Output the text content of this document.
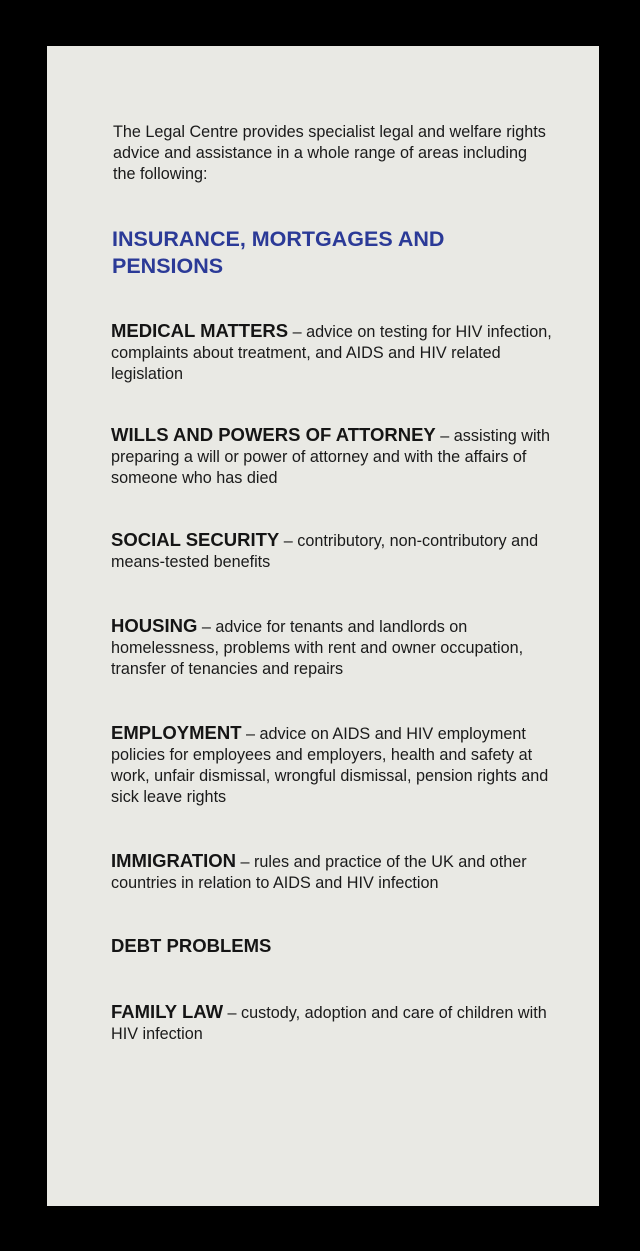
The Legal Centre provides specialist legal and welfare rights advice and assistance in a whole range of areas including the following:

INSURANCE, MORTGAGES AND PENSIONS

MEDICAL MATTERS – advice on testing for HIV infection, complaints about treatment, and AIDS and HIV related legislation

WILLS AND POWERS OF ATTORNEY – assisting with preparing a will or power of attorney and with the affairs of someone who has died

SOCIAL SECURITY – contributory, non-contributory and means-tested benefits

HOUSING – advice for tenants and landlords on homelessness, problems with rent and owner occupation, transfer of tenancies and repairs

EMPLOYMENT – advice on AIDS and HIV employment policies for employees and employers, health and safety at work, unfair dismissal, wrongful dismissal, pension rights and sick leave rights

IMMIGRATION – rules and practice of the UK and other countries in relation to AIDS and HIV infection

DEBT PROBLEMS

FAMILY LAW – custody, adoption and care of children with HIV infection
